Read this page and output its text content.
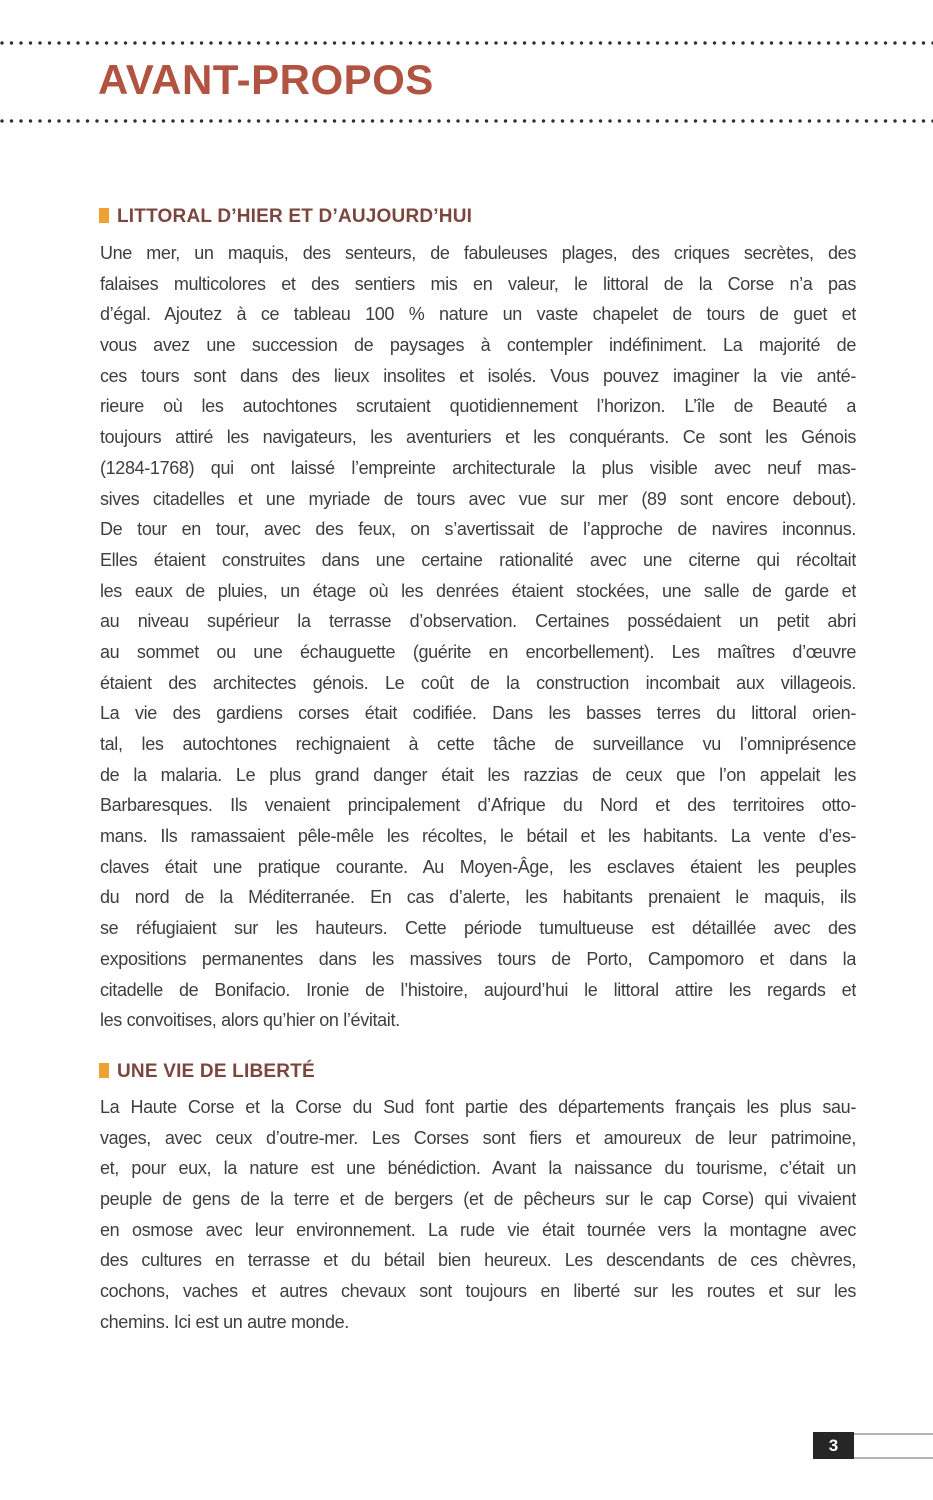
AVANT-PROPOS
LITTORAL D’HIER ET D’AUJOURD’HUI
Une mer, un maquis, des senteurs, de fabuleuses plages, des criques secrètes, des
falaises multicolores et des sentiers mis en valeur, le littoral de la Corse n’a pas
d’égal. Ajoutez à ce tableau 100 % nature un vaste chapelet de tours de guet et
vous avez une succession de paysages à contempler indéfiniment. La majorité de
ces tours sont dans des lieux insolites et isolés. Vous pouvez imaginer la vie anté-
rieure où les autochtones scrutaient quotidiennement l’horizon. L’île de Beauté a
toujours attiré les navigateurs, les aventuriers et les conquérants. Ce sont les Génois
(1284-1768) qui ont laissé l’empreinte architecturale la plus visible avec neuf mas-
sives citadelles et une myriade de tours avec vue sur mer (89 sont encore debout).
De tour en tour, avec des feux, on s’avertissait de l’approche de navires inconnus.
Elles étaient construites dans une certaine rationalité avec une citerne qui récoltait
les eaux de pluies, un étage où les denrées étaient stockées, une salle de garde et
au niveau supérieur la terrasse d’observation. Certaines possédaient un petit abri
au sommet ou une échauguette (guérite en encorbellement). Les maîtres d’œuvre
étaient des architectes génois. Le coût de la construction incombait aux villageois.
La vie des gardiens corses était codifiée. Dans les basses terres du littoral orien-
tal, les autochtones rechignaient à cette tâche de surveillance vu l’omniprésence
de la malaria. Le plus grand danger était les razzias de ceux que l’on appelait les
Barbaresques. Ils venaient principalement d’Afrique du Nord et des territoires otto-
mans. Ils ramassaient pêle-mêle les récoltes, le bétail et les habitants. La vente d’es-
claves était une pratique courante. Au Moyen-Âge, les esclaves étaient les peuples
du nord de la Méditerranée. En cas d’alerte, les habitants prenaient le maquis, ils
se réfugiaient sur les hauteurs. Cette période tumultueuse est détaillée avec des
expositions permanentes dans les massives tours de Porto, Campomoro et dans la
citadelle de Bonifacio. Ironie de l’histoire, aujourd’hui le littoral attire les regards et
les convoitises, alors qu’hier on l’évitait.
UNE VIE DE LIBERTÉ
La Haute Corse et la Corse du Sud font partie des départements français les plus sau-
vages, avec ceux d’outre-mer. Les Corses sont fiers et amoureux de leur patrimoine,
et, pour eux, la nature est une bénédiction. Avant la naissance du tourisme, c’était un
peuple de gens de la terre et de bergers (et de pêcheurs sur le cap Corse) qui vivaient
en osmose avec leur environnement. La rude vie était tournée vers la montagne avec
des cultures en terrasse et du bétail bien heureux. Les descendants de ces chèvres,
cochons, vaches et autres chevaux sont toujours en liberté sur les routes et sur les
chemins. Ici est un autre monde.
3
